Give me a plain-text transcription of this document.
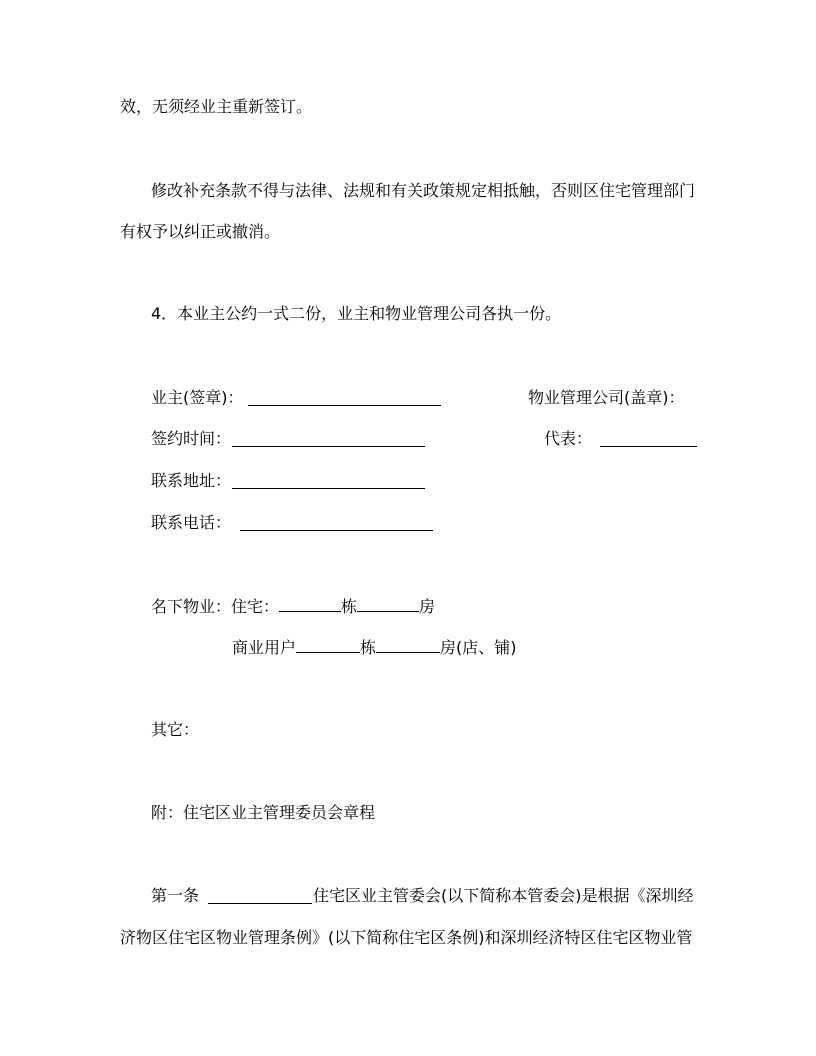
效，无须经业主重新签订。
修改补充条款不得与法律、法规和有关政策规定相抵触，否则区住宅管理部门
有权予以纠正或撤消。
4．本业主公约一式二份，业主和物业管理公司各执一份。
业主(签章)：	物业管理公司(盖章)：
签约时间：	代表：
联系地址：
联系电话：
名下物业：住宅：	栋	房
商业用户	栋	房(店、铺)
其它：
附：住宅区业主管理委员会章程
第一条	住宅区业主管委会(以下简称本管委会)是根据《深圳经
济物区住宅区物业管理条例》(以下简称住宅区条例)和深圳经济特区住宅区物业管
